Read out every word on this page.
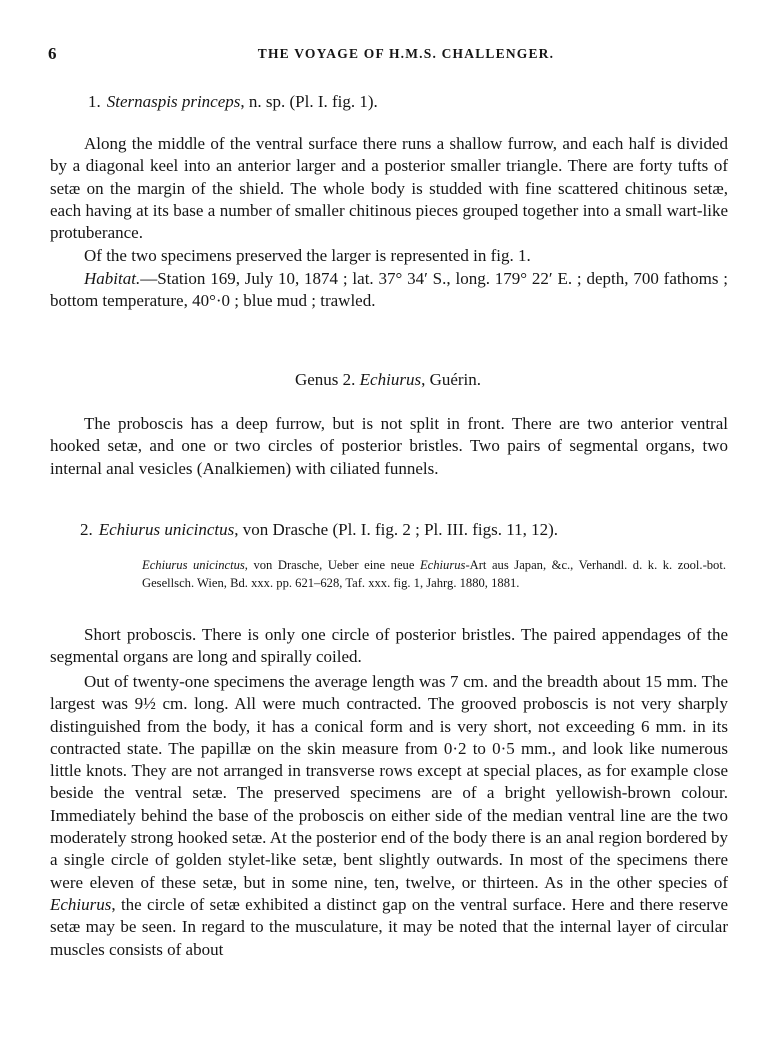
6	THE VOYAGE OF H.M.S. CHALLENGER.
1. Sternaspis princeps, n. sp. (Pl. I. fig. 1).
Along the middle of the ventral surface there runs a shallow furrow, and each half is divided by a diagonal keel into an anterior larger and a posterior smaller triangle. There are forty tufts of setæ on the margin of the shield. The whole body is studded with fine scattered chitinous setæ, each having at its base a number of smaller chitinous pieces grouped together into a small wart-like protuberance.
Of the two specimens preserved the larger is represented in fig. 1.
Habitat.—Station 169, July 10, 1874 ; lat. 37° 34′ S., long. 179° 22′ E. ; depth, 700 fathoms ; bottom temperature, 40°·0 ; blue mud ; trawled.
Genus 2. Echiurus, Guérin.
The proboscis has a deep furrow, but is not split in front. There are two anterior ventral hooked setæ, and one or two circles of posterior bristles. Two pairs of segmental organs, two internal anal vesicles (Analkiemen) with ciliated funnels.
2. Echiurus unicinctus, von Drasche (Pl. I. fig. 2 ; Pl. III. figs. 11, 12).
Echiurus unicinctus, von Drasche, Ueber eine neue Echiurus-Art aus Japan, &c., Verhandl. d. k. k. zool.-bot. Gesellsch. Wien, Bd. xxx. pp. 621–628, Taf. xxx. fig. 1, Jahrg. 1880, 1881.
Short proboscis. There is only one circle of posterior bristles. The paired appendages of the segmental organs are long and spirally coiled.
Out of twenty-one specimens the average length was 7 cm. and the breadth about 15 mm. The largest was 9½ cm. long. All were much contracted. The grooved proboscis is not very sharply distinguished from the body, it has a conical form and is very short, not exceeding 6 mm. in its contracted state. The papillæ on the skin measure from 0·2 to 0·5 mm., and look like numerous little knots. They are not arranged in transverse rows except at special places, as for example close beside the ventral setæ. The preserved specimens are of a bright yellowish-brown colour. Immediately behind the base of the proboscis on either side of the median ventral line are the two moderately strong hooked setæ. At the posterior end of the body there is an anal region bordered by a single circle of golden stylet-like setæ, bent slightly outwards. In most of the specimens there were eleven of these setæ, but in some nine, ten, twelve, or thirteen. As in the other species of Echiurus, the circle of setæ exhibited a distinct gap on the ventral surface. Here and there reserve setæ may be seen. In regard to the musculature, it may be noted that the internal layer of circular muscles consists of about
